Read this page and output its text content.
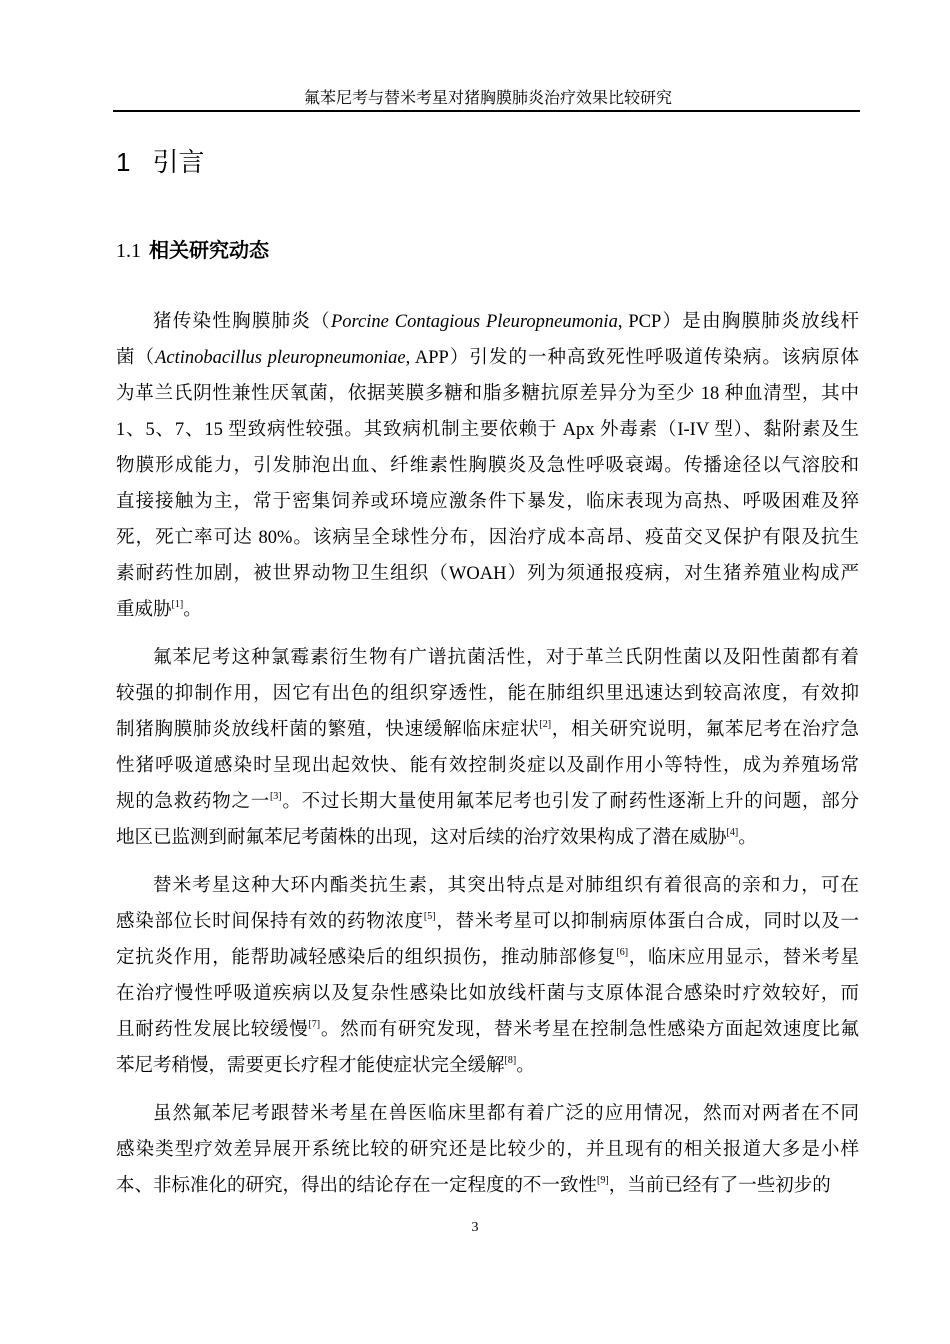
氟苯尼考与替米考星对猪胸膜肺炎治疗效果比较研究
1 引言
1.1 相关研究动态
猪传染性胸膜肺炎（Porcine Contagious Pleuropneumonia, PCP）是由胸膜肺炎放线杆
菌（Actinobacillus pleuropneumoniae, APP）引发的一种高致死性呼吸道传染病。该病原体
为革兰氏阴性兼性厌氧菌，依据荚膜多糖和脂多糖抗原差异分为至少 18 种血清型，其中
1、5、7、15 型致病性较强。其致病机制主要依赖于 Apx 外毒素（I-IV 型）、黏附素及生
物膜形成能力，引发肺泡出血、纤维素性胸膜炎及急性呼吸衰竭。传播途径以气溶胶和
直接接触为主，常于密集饲养或环境应激条件下暴发，临床表现为高热、呼吸困难及猝
死，死亡率可达 80%。该病呈全球性分布，因治疗成本高昂、疫苗交叉保护有限及抗生
素耐药性加剧，被世界动物卫生组织（WOAH）列为须通报疫病，对生猪养殖业构成严
重威胁[1]。
氟苯尼考这种氯霉素衍生物有广谱抗菌活性，对于革兰氏阴性菌以及阳性菌都有着
较强的抑制作用，因它有出色的组织穿透性，能在肺组织里迅速达到较高浓度，有效抑
制猪胸膜肺炎放线杆菌的繁殖，快速缓解临床症状[2]，相关研究说明，氟苯尼考在治疗急
性猪呼吸道感染时呈现出起效快、能有效控制炎症以及副作用小等特性，成为养殖场常
规的急救药物之一[3]。不过长期大量使用氟苯尼考也引发了耐药性逐渐上升的问题，部分
地区已监测到耐氟苯尼考菌株的出现，这对后续的治疗效果构成了潜在威胁[4]。
替米考星这种大环内酯类抗生素，其突出特点是对肺组织有着很高的亲和力，可在
感染部位长时间保持有效的药物浓度[5]，替米考星可以抑制病原体蛋白合成，同时以及一
定抗炎作用，能帮助减轻感染后的组织损伤，推动肺部修复[6]，临床应用显示，替米考星
在治疗慢性呼吸道疾病以及复杂性感染比如放线杆菌与支原体混合感染时疗效较好，而
且耐药性发展比较缓慢[7]。然而有研究发现，替米考星在控制急性感染方面起效速度比氟
苯尼考稍慢，需要更长疗程才能使症状完全缓解[8]。
虽然氟苯尼考跟替米考星在兽医临床里都有着广泛的应用情况，然而对两者在不同
感染类型疗效差异展开系统比较的研究还是比较少的，并且现有的相关报道大多是小样
本、非标准化的研究，得出的结论存在一定程度的不一致性[9]，当前已经有了一些初步的
3
